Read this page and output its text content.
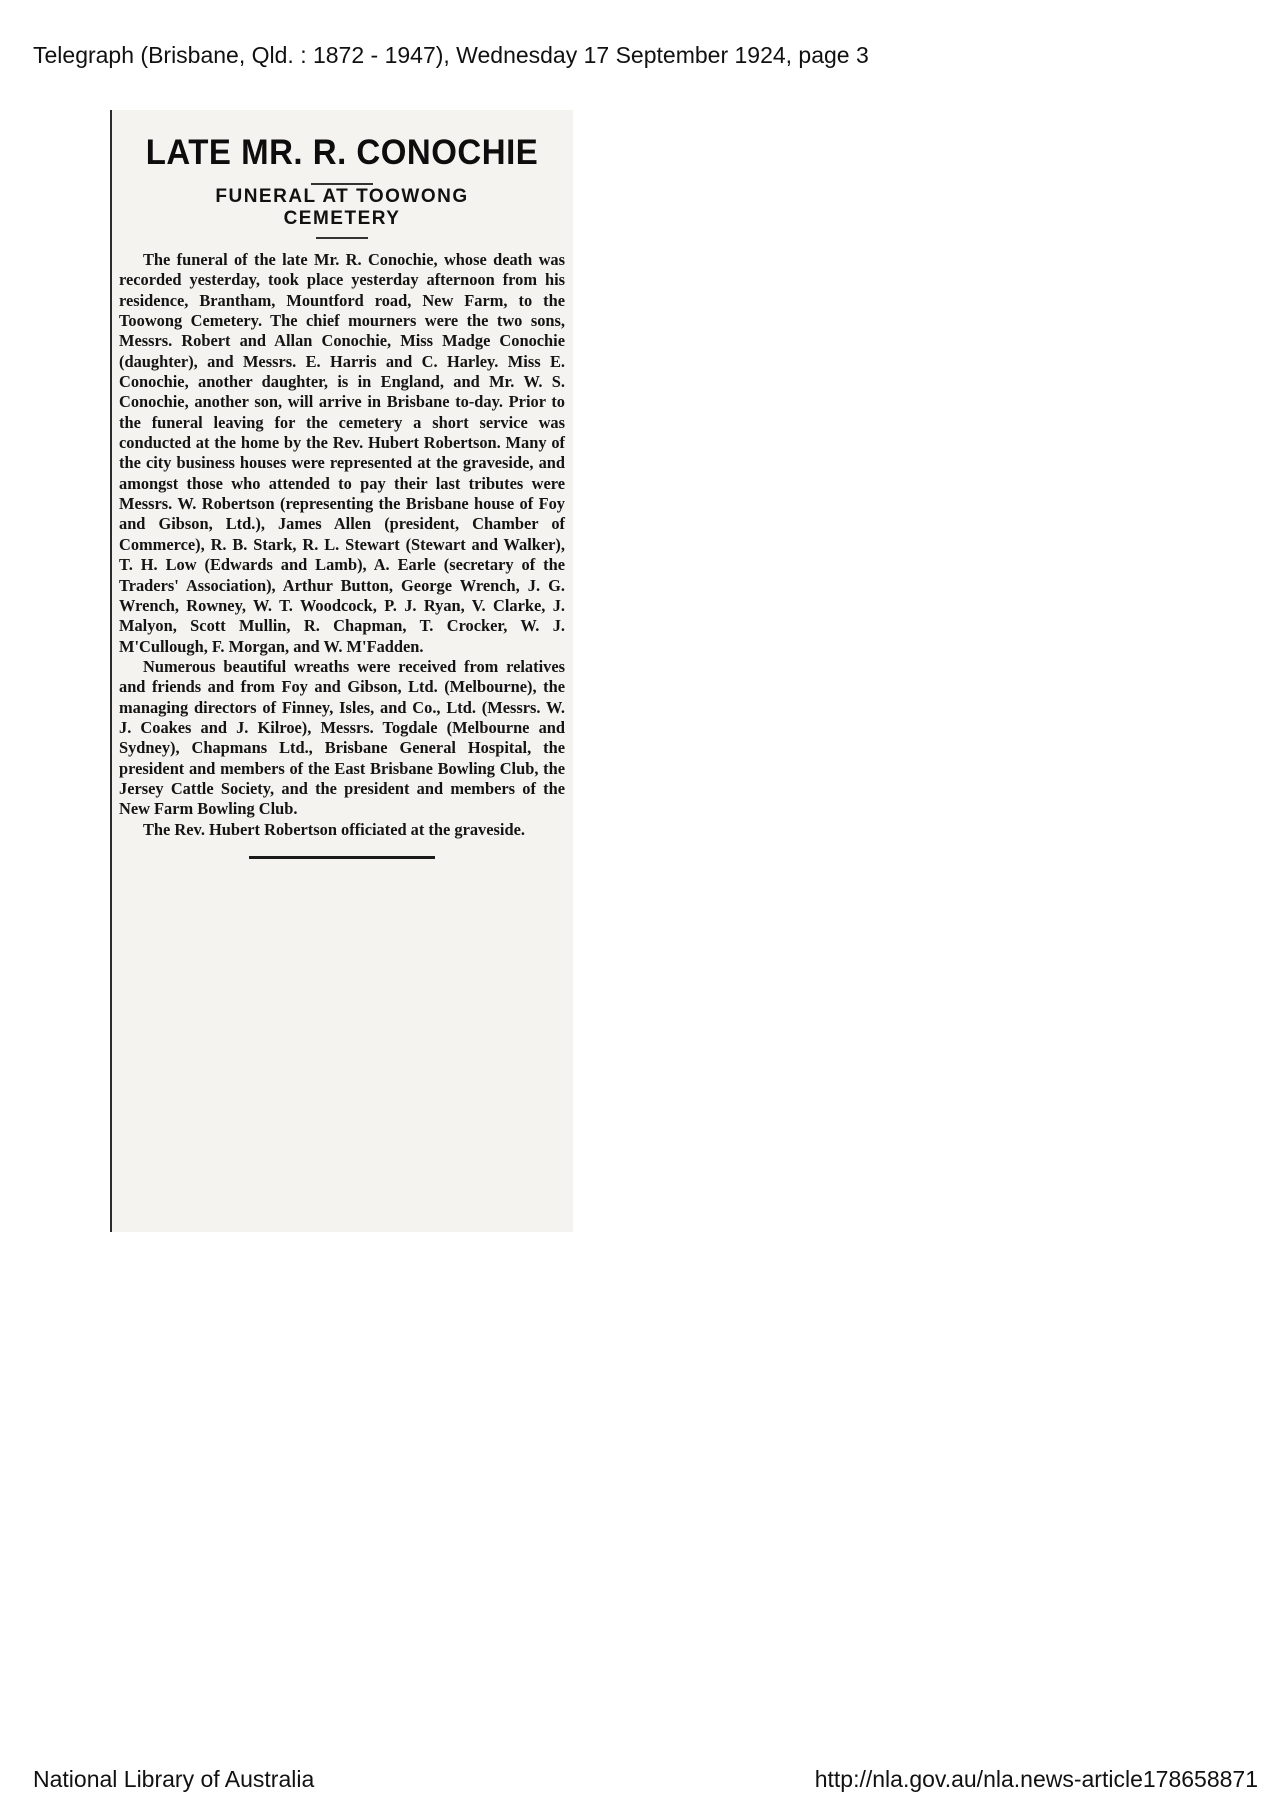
Telegraph (Brisbane, Qld. : 1872 - 1947), Wednesday 17 September 1924, page 3
LATE MR. R. CONOCHIE
FUNERAL AT TOOWONG
CEMETERY

The funeral of the late Mr. R. Conochie, whose death was recorded yesterday, took place yesterday afternoon from his residence, Brantham, Mountford road, New Farm, to the Toowong Cemetery. The chief mourners were the two sons, Messrs. Robert and Allan Conochie, Miss Madge Conochie (daughter), and Messrs. E. Harris and C. Harley. Miss E. Conochie, another daughter, is in England, and Mr. W. S. Conochie, another son, will arrive in Brisbane to-day. Prior to the funeral leaving for the cemetery a short service was conducted at the home by the Rev. Hubert Robertson. Many of the city business houses were represented at the graveside, and amongst those who attended to pay their last tributes were Messrs. W. Robertson (representing the Brisbane house of Foy and Gibson, Ltd.), James Allen (president, Chamber of Commerce), R. B. Stark, R. L. Stewart (Stewart and Walker), T. H. Low (Edwards and Lamb), A. Earle (secretary of the Traders' Association), Arthur Button, George Wrench, J. G. Wrench, Rowney, W. T. Woodcock, P. J. Ryan, V. Clarke, J. Malyon, Scott Mullin, R. Chapman, T. Crocker, W. J. M'Cullough, F. Morgan, and W. M'Fadden.

Numerous beautiful wreaths were received from relatives and friends and from Foy and Gibson, Ltd. (Melbourne), the managing directors of Finney, Isles, and Co., Ltd. (Messrs. W. J. Coakes and J. Kilroe), Messrs. Togdale (Melbourne and Sydney), Chapmans Ltd., Brisbane General Hospital, the president and members of the East Brisbane Bowling Club, the Jersey Cattle Society, and the president and members of the New Farm Bowling Club.

The Rev. Hubert Robertson officiated at the graveside.

National Library of Australia	http://nla.gov.au/nla.news-article178658871
